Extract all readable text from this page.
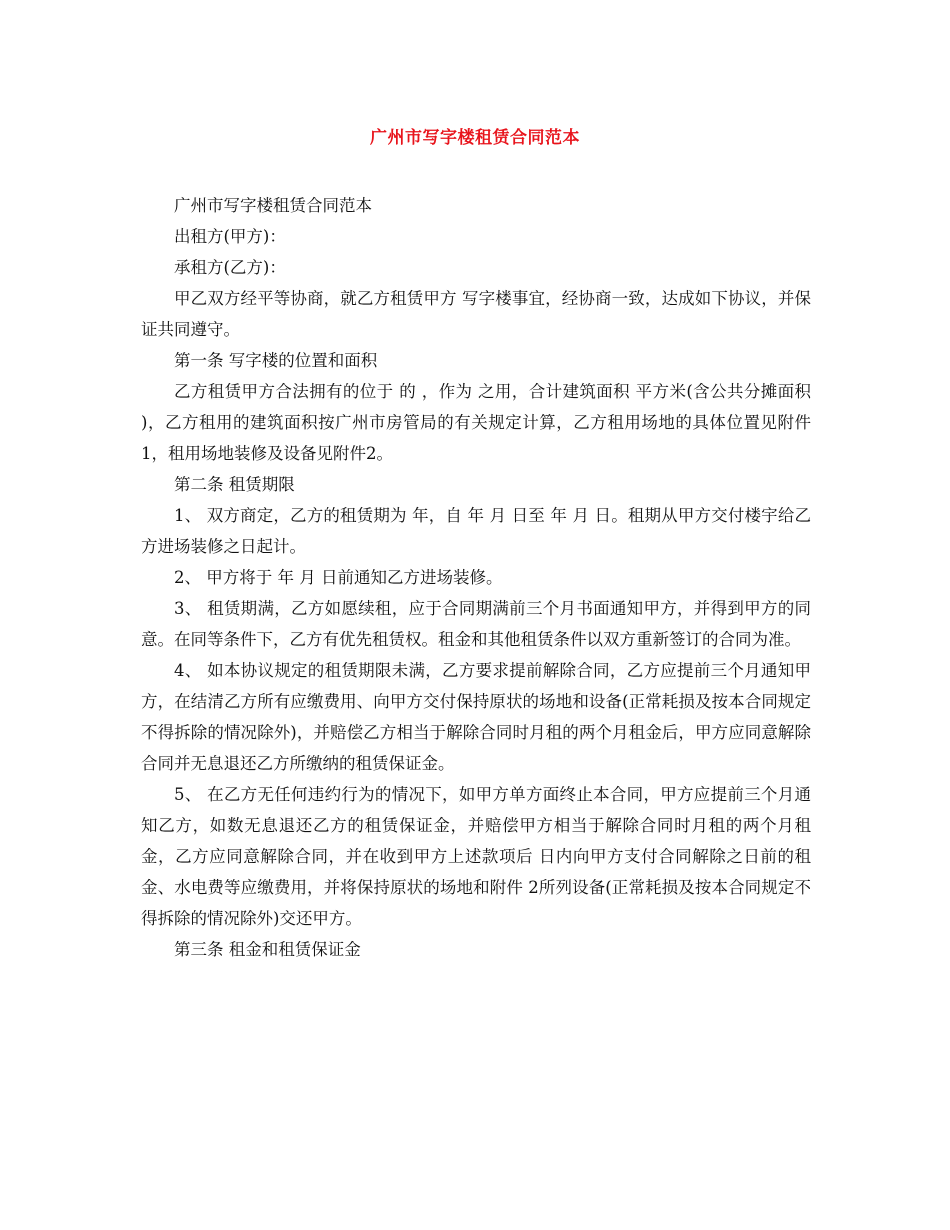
广州市写字楼租赁合同范本

广州市写字楼租赁合同范本

出租方(甲方)：

承租方(乙方)：

甲乙双方经平等协商，就乙方租赁甲方 写字楼事宜，经协商一致，达成如下协议，并保证共同遵守。

第一条 写字楼的位置和面积

乙方租赁甲方合法拥有的位于 的 ，作为 之用，合计建筑面积 平方米(含公共分摊面积 )，乙方租用的建筑面积按广州市房管局的有关规定计算，乙方租用场地的具体位置见附件1，租用场地装修及设备见附件2。

第二条 租赁期限

1、 双方商定，乙方的租赁期为 年，自 年 月 日至 年 月 日。租期从甲方交付楼宇给乙方进场装修之日起计。

2、 甲方将于 年 月 日前通知乙方进场装修。

3、 租赁期满，乙方如愿续租，应于合同期满前三个月书面通知甲方，并得到甲方的同意。在同等条件下，乙方有优先租赁权。租金和其他租赁条件以双方重新签订的合同为准。

4、 如本协议规定的租赁期限未满，乙方要求提前解除合同，乙方应提前三个月通知甲方，在结清乙方所有应缴费用、向甲方交付保持原状的场地和设备(正常耗损及按本合同规定不得拆除的情况除外)，并赔偿乙方相当于解除合同时月租的两个月租金后，甲方应同意解除合同并无息退还乙方所缴纳的租赁保证金。

5、 在乙方无任何违约行为的情况下，如甲方单方面终止本合同，甲方应提前三个月通知乙方，如数无息退还乙方的租赁保证金，并赔偿甲方相当于解除合同时月租的两个月租金，乙方应同意解除合同，并在收到甲方上述款项后 日内向甲方支付合同解除之日前的租金、水电费等应缴费用，并将保持原状的场地和附件 2所列设备(正常耗损及按本合同规定不得拆除的情况除外)交还甲方。

第三条 租金和租赁保证金
